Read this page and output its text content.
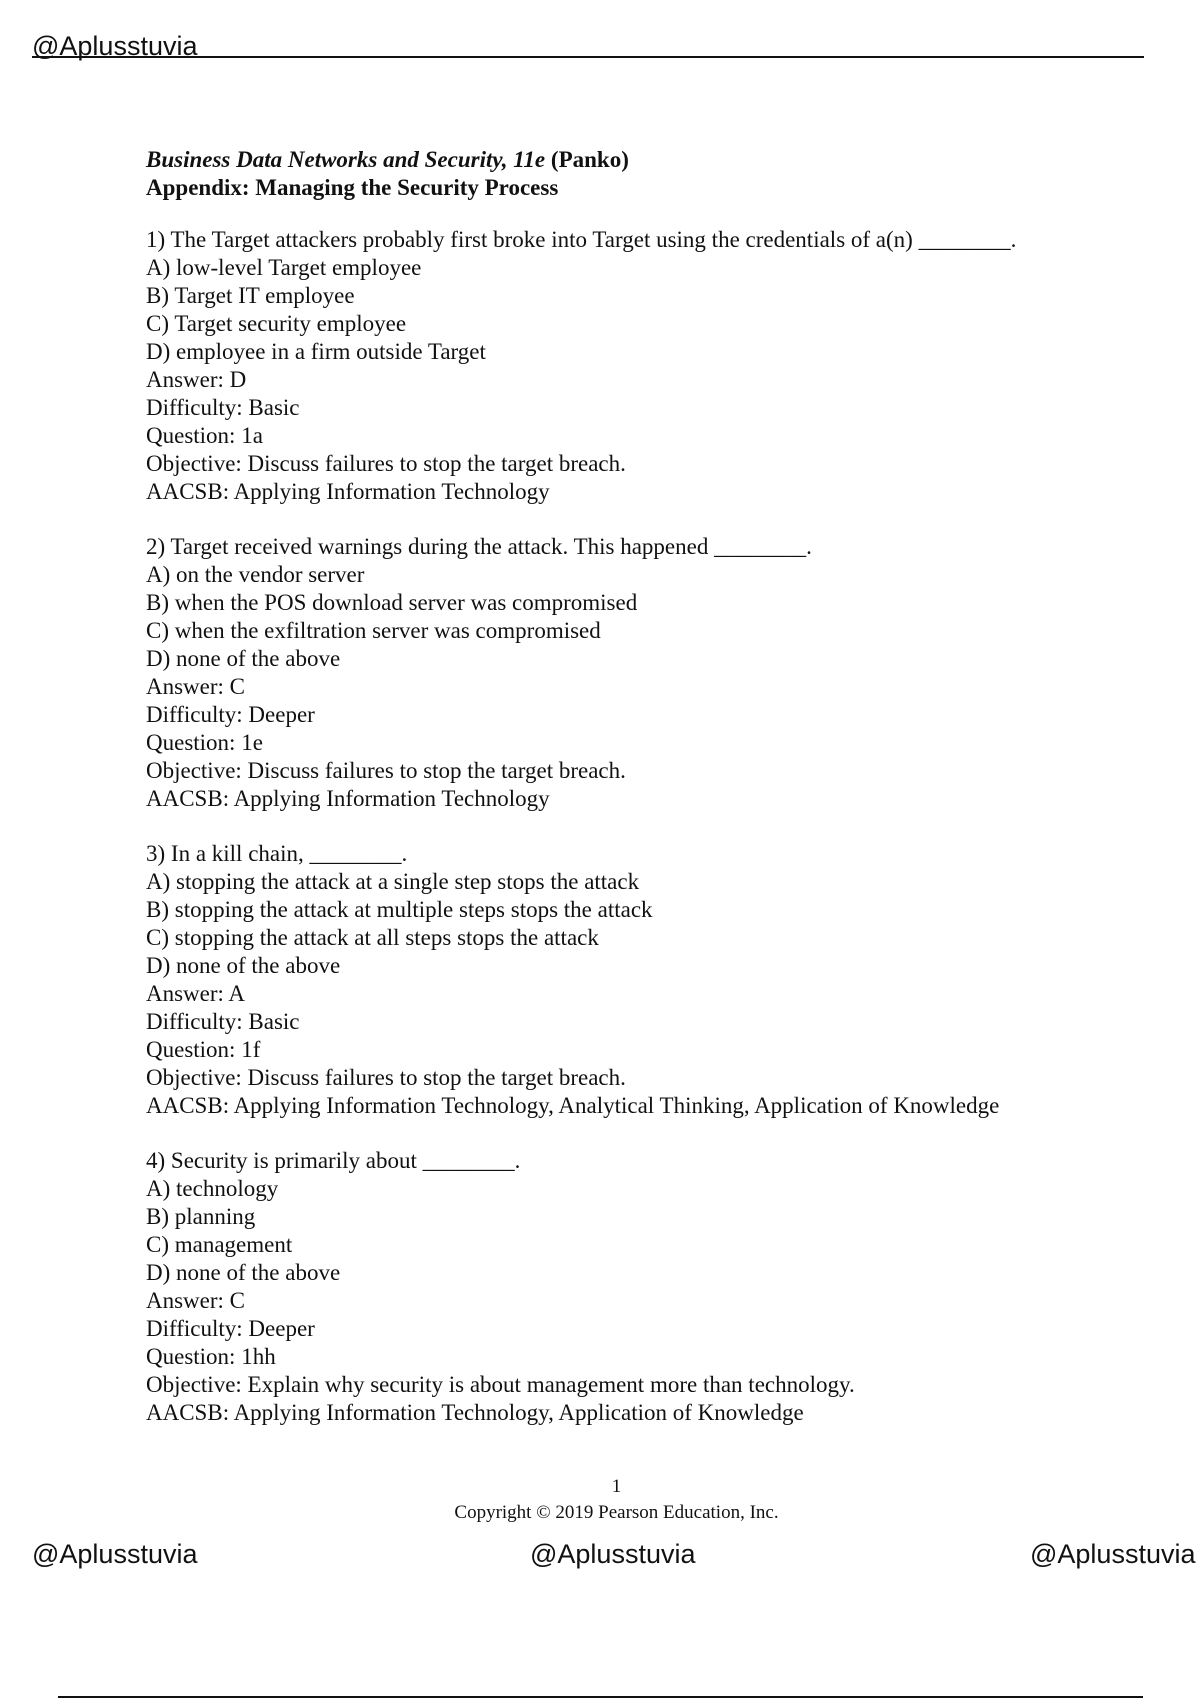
@Aplusstuvia
Business Data Networks and Security, 11e (Panko)
Appendix: Managing the Security Process
1) The Target attackers probably first broke into Target using the credentials of a(n) ________.
A) low-level Target employee
B) Target IT employee
C) Target security employee
D) employee in a firm outside Target
Answer: D
Difficulty: Basic
Question: 1a
Objective: Discuss failures to stop the target breach.
AACSB: Applying Information Technology
2) Target received warnings during the attack. This happened ________.
A) on the vendor server
B) when the POS download server was compromised
C) when the exfiltration server was compromised
D) none of the above
Answer: C
Difficulty: Deeper
Question: 1e
Objective: Discuss failures to stop the target breach.
AACSB: Applying Information Technology
3) In a kill chain, ________.
A) stopping the attack at a single step stops the attack
B) stopping the attack at multiple steps stops the attack
C) stopping the attack at all steps stops the attack
D) none of the above
Answer: A
Difficulty: Basic
Question: 1f
Objective: Discuss failures to stop the target breach.
AACSB: Applying Information Technology, Analytical Thinking, Application of Knowledge
4) Security is primarily about ________.
A) technology
B) planning
C) management
D) none of the above
Answer: C
Difficulty: Deeper
Question: 1hh
Objective: Explain why security is about management more than technology.
AACSB: Applying Information Technology, Application of Knowledge
1
Copyright © 2019 Pearson Education, Inc.
@Aplusstuvia	@Aplusstuvia	@Aplusstuvia
